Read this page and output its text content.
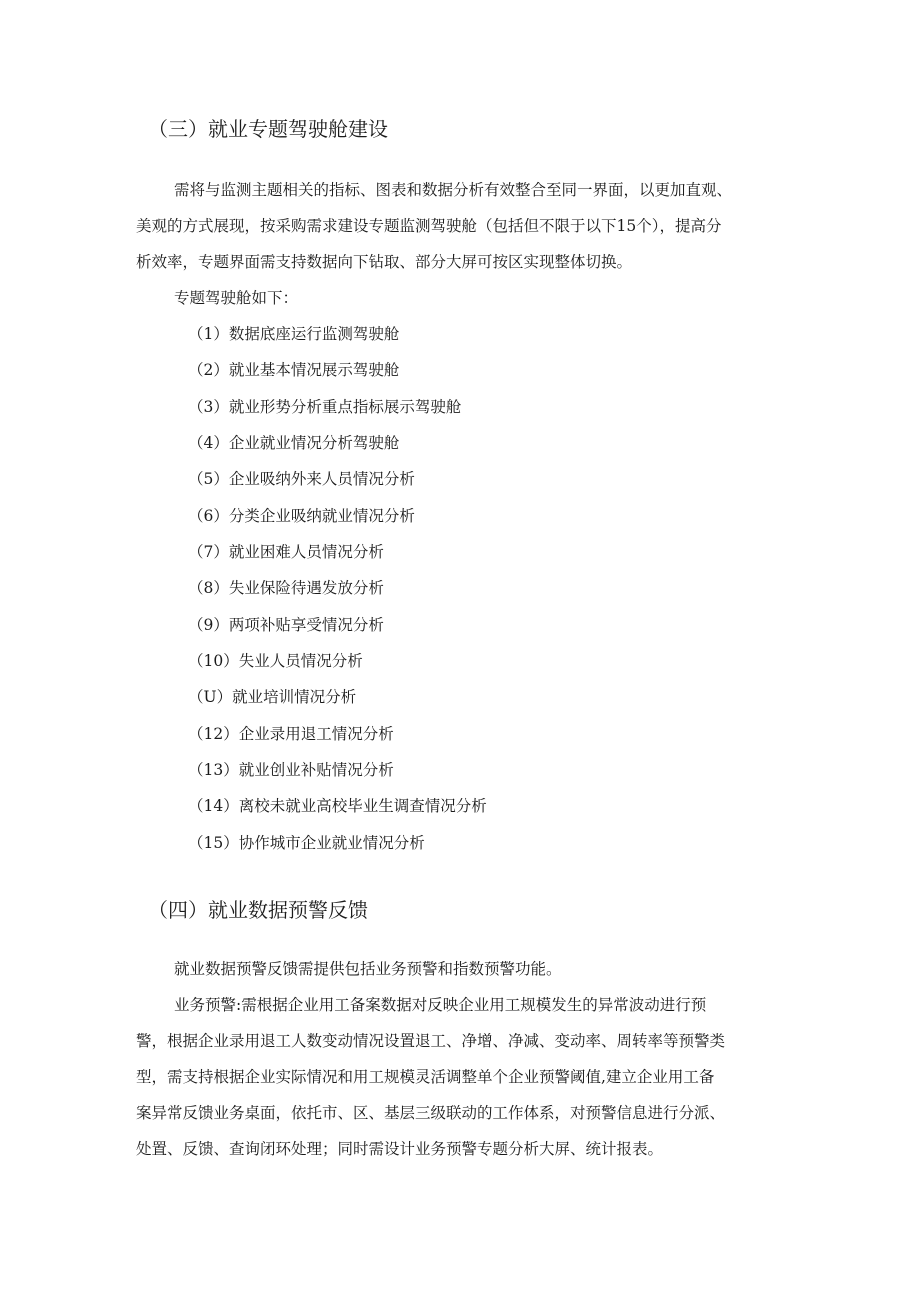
（三）就业专题驾驶舱建设
需将与监测主题相关的指标、图表和数据分析有效整合至同一界面，以更加直观、
美观的方式展现，按采购需求建设专题监测驾驶舱（包括但不限于以下15个），提高分
析效率，专题界面需支持数据向下钻取、部分大屏可按区实现整体切换。
专题驾驶舱如下：
（1）数据底座运行监测驾驶舱
（2）就业基本情况展示驾驶舱
（3）就业形势分析重点指标展示驾驶舱
（4）企业就业情况分析驾驶舱
（5）企业吸纳外来人员情况分析
（6）分类企业吸纳就业情况分析
（7）就业困难人员情况分析
（8）失业保险待遇发放分析
（9）两项补贴享受情况分析
（10）失业人员情况分析
（U）就业培训情况分析
（12）企业录用退工情况分析
（13）就业创业补贴情况分析
（14）离校未就业高校毕业生调查情况分析
（15）协作城市企业就业情况分析
（四）就业数据预警反馈
就业数据预警反馈需提供包括业务预警和指数预警功能。
业务预警:需根据企业用工备案数据对反映企业用工规模发生的异常波动进行预
警，根据企业录用退工人数变动情况设置退工、净增、净减、变动率、周转率等预警类
型，需支持根据企业实际情况和用工规模灵活调整单个企业预警阈值,建立企业用工备
案异常反馈业务桌面，依托市、区、基层三级联动的工作体系，对预警信息进行分派、
处置、反馈、查询闭环处理；同时需设计业务预警专题分析大屏、统计报表。
